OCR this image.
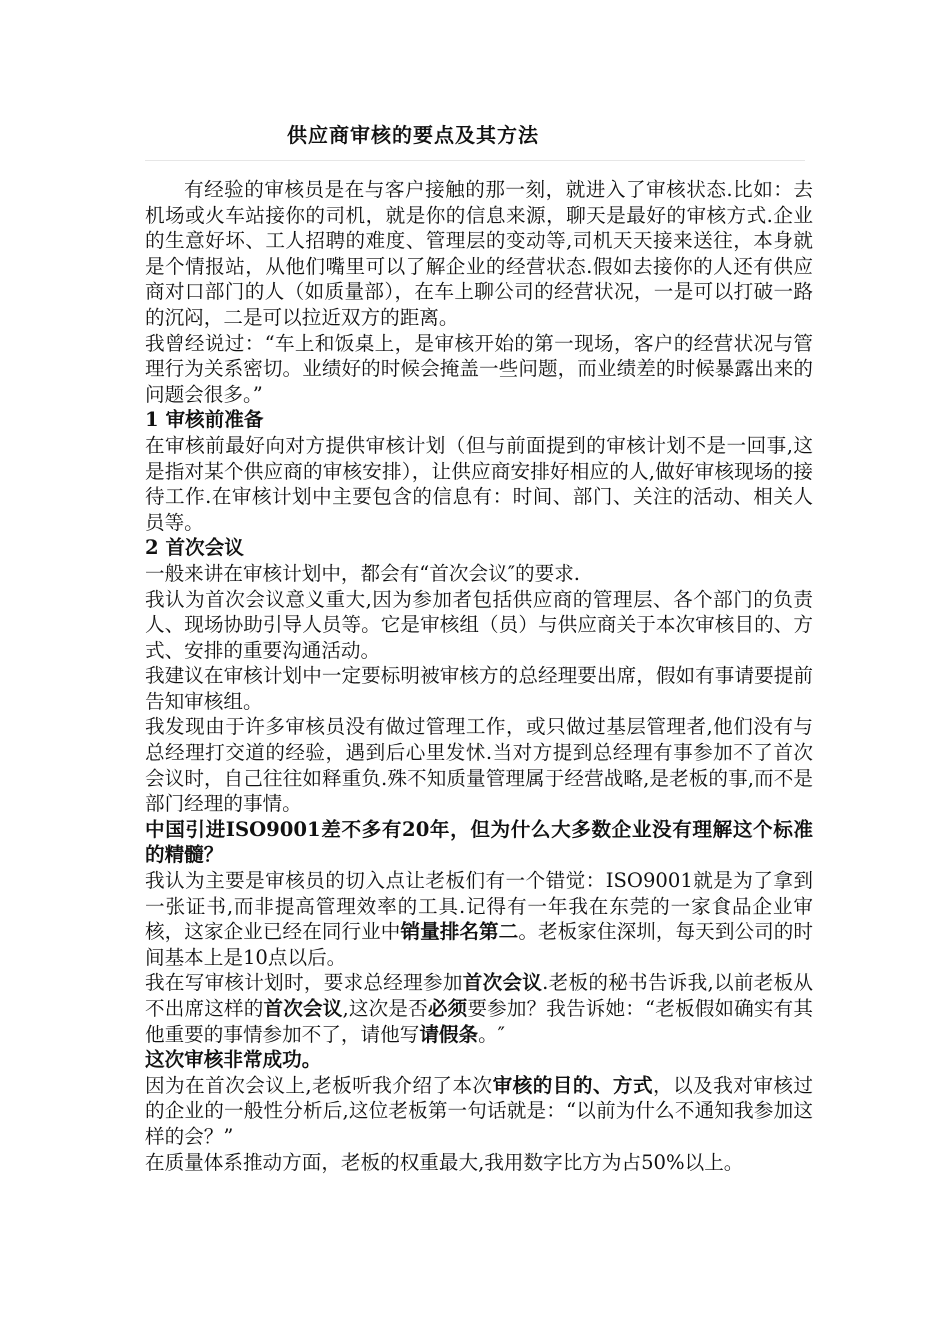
供应商审核的要点及其方法

有经验的审核员是在与客户接触的那一刻，就进入了审核状态.比如：去机场或火车站接你的司机，就是你的信息来源，聊天是最好的审核方式.企业的生意好坏、工人招聘的难度、管理层的变动等,司机天天接来送往，本身就是个情报站，从他们嘴里可以了解企业的经营状态.假如去接你的人还有供应商对口部门的人（如质量部），在车上聊公司的经营状况，一是可以打破一路的沉闷，二是可以拉近双方的距离。

我曾经说过：“车上和饭桌上，是审核开始的第一现场，客户的经营状况与管理行为关系密切。业绩好的时候会掩盖一些问题，而业绩差的时候暴露出来的问题会很多。”

1 审核前准备

在审核前最好向对方提供审核计划（但与前面提到的审核计划不是一回事,这是指对某个供应商的审核安排），让供应商安排好相应的人,做好审核现场的接待工作.在审核计划中主要包含的信息有：时间、部门、关注的活动、相关人员等。

2 首次会议

一般来讲在审核计划中，都会有“首次会议″的要求.

我认为首次会议意义重大,因为参加者包括供应商的管理层、各个部门的负责人、现场协助引导人员等。它是审核组（员）与供应商关于本次审核目的、方式、安排的重要沟通活动。

我建议在审核计划中一定要标明被审核方的总经理要出席，假如有事请要提前告知审核组。

我发现由于许多审核员没有做过管理工作，或只做过基层管理者,他们没有与总经理打交道的经验，遇到后心里发怵.当对方提到总经理有事参加不了首次会议时，自己往往如释重负.殊不知质量管理属于经营战略,是老板的事,而不是部门经理的事情。

中国引进ISO9001差不多有20年，但为什么大多数企业没有理解这个标准的精髓？

我认为主要是审核员的切入点让老板们有一个错觉：ISO9001就是为了拿到一张证书,而非提高管理效率的工具.记得有一年我在东莞的一家食品企业审核，这家企业已经在同行业中销量排名第二。老板家住深圳，每天到公司的时间基本上是10点以后。

我在写审核计划时，要求总经理参加首次会议.老板的秘书告诉我,以前老板从不出席这样的首次会议,这次是否必须要参加？我告诉她：“老板假如确实有其他重要的事情参加不了，请他写请假条。″

这次审核非常成功。

因为在首次会议上,老板听我介绍了本次审核的目的、方式，以及我对审核过的企业的一般性分析后,这位老板第一句话就是：“以前为什么不通知我参加这样的会？”

在质量体系推动方面，老板的权重最大,我用数字比方为占50%以上。
